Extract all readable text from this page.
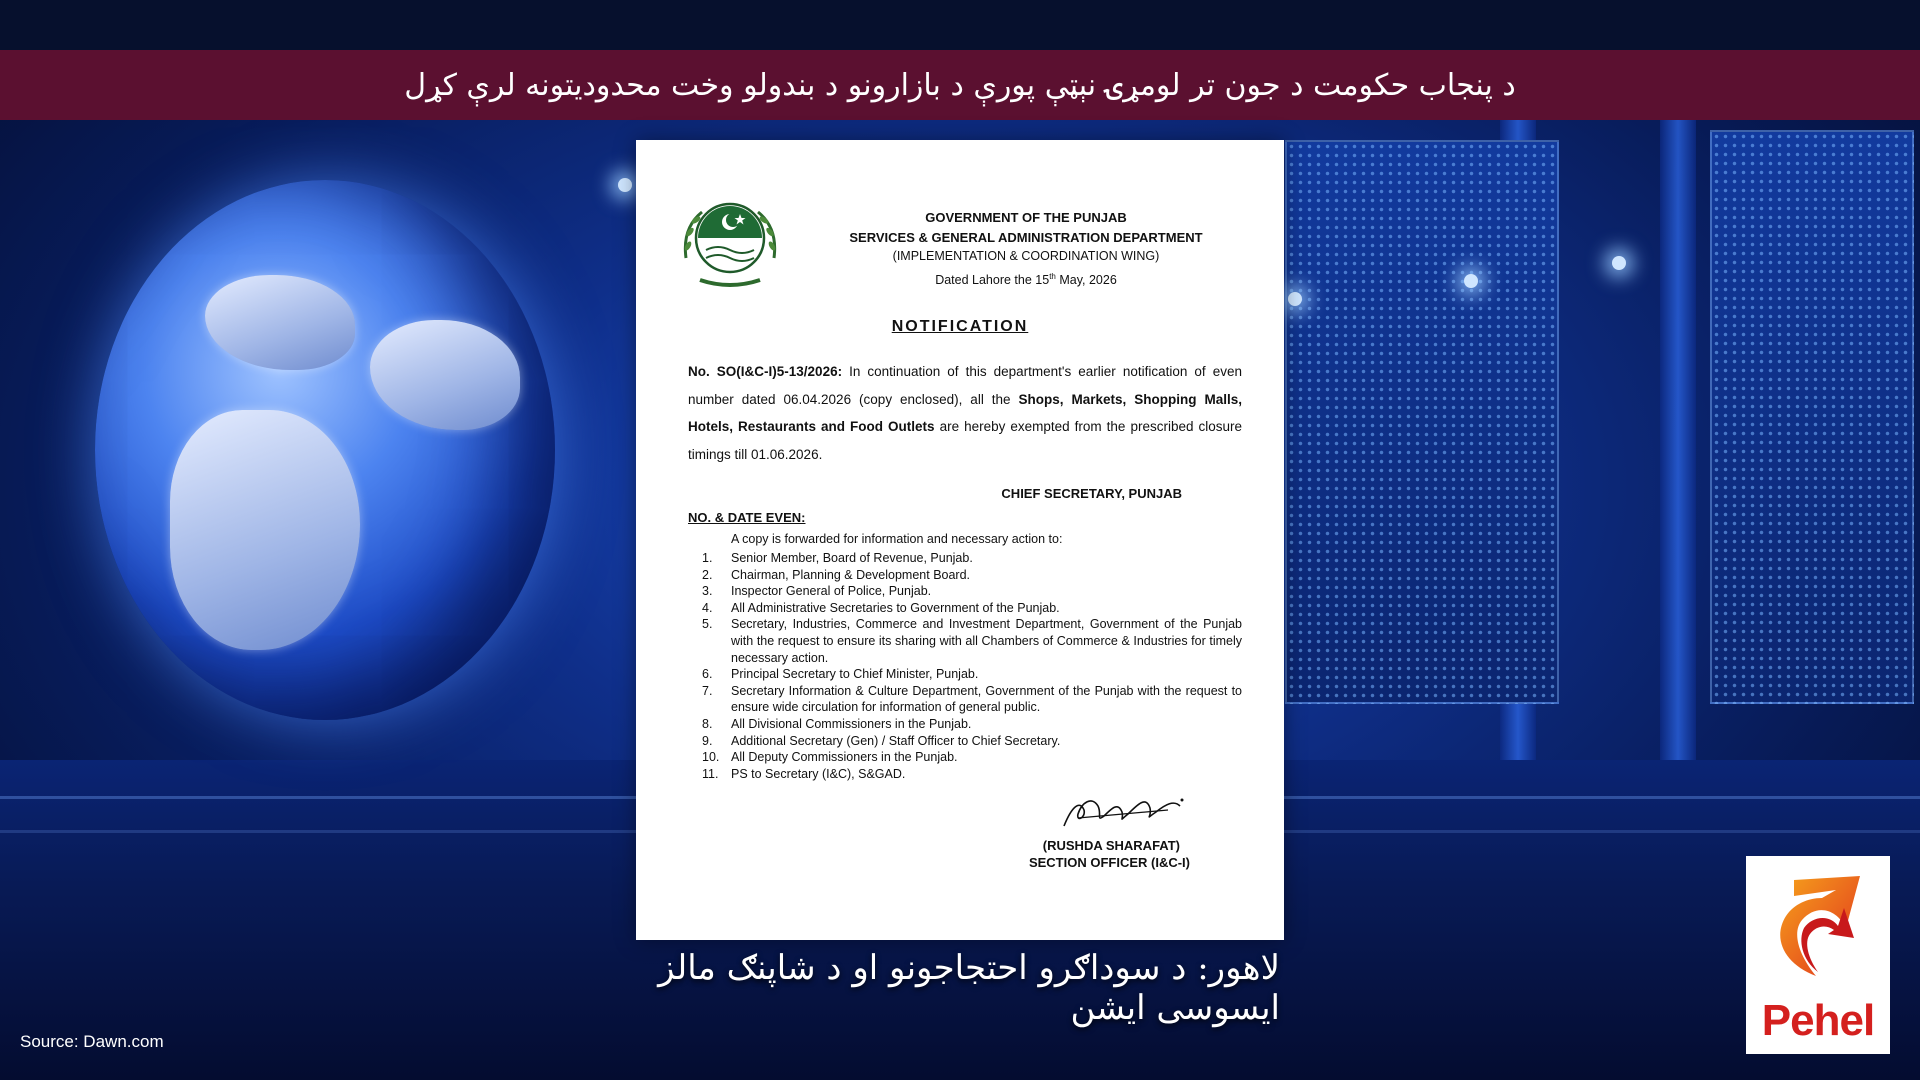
د پنجاب حکومت د جون تر لومړۍ نېټې پورې د بازارونو د بندولو وخت محدودیتونه لرې کړل
GOVERNMENT OF THE PUNJAB
SERVICES & GENERAL ADMINISTRATION DEPARTMENT
(IMPLEMENTATION & COORDINATION WING)
Dated Lahore the 15th May, 2026
NOTIFICATION
No. SO(I&C-I)5-13/2026: In continuation of this department's earlier notification of even number dated 06.04.2026 (copy enclosed), all the Shops, Markets, Shopping Malls, Hotels, Restaurants and Food Outlets are hereby exempted from the prescribed closure timings till 01.06.2026.
CHIEF SECRETARY, PUNJAB
NO. & DATE EVEN:
A copy is forwarded for information and necessary action to:
1.	Senior Member, Board of Revenue, Punjab.
2.	Chairman, Planning & Development Board.
3.	Inspector General of Police, Punjab.
4.	All Administrative Secretaries to Government of the Punjab.
5.	Secretary, Industries, Commerce and Investment Department, Government of the Punjab with the request to ensure its sharing with all Chambers of Commerce & Industries for timely necessary action.
6.	Principal Secretary to Chief Minister, Punjab.
7.	Secretary Information & Culture Department, Government of the Punjab with the request to ensure wide circulation for information of general public.
8.	All Divisional Commissioners in the Punjab.
9.	Additional Secretary (Gen) / Staff Officer to Chief Secretary.
10. All Deputy Commissioners in the Punjab.
11.	PS to Secretary (I&C), S&GAD.
(RUSHDA SHARAFAT)
SECTION OFFICER (I&C-I)
لاهور: د سوداګرو احتجاجونو او د شاپنګ مالز ایسوسی ایشن
Source: Dawn.com	Pehel
